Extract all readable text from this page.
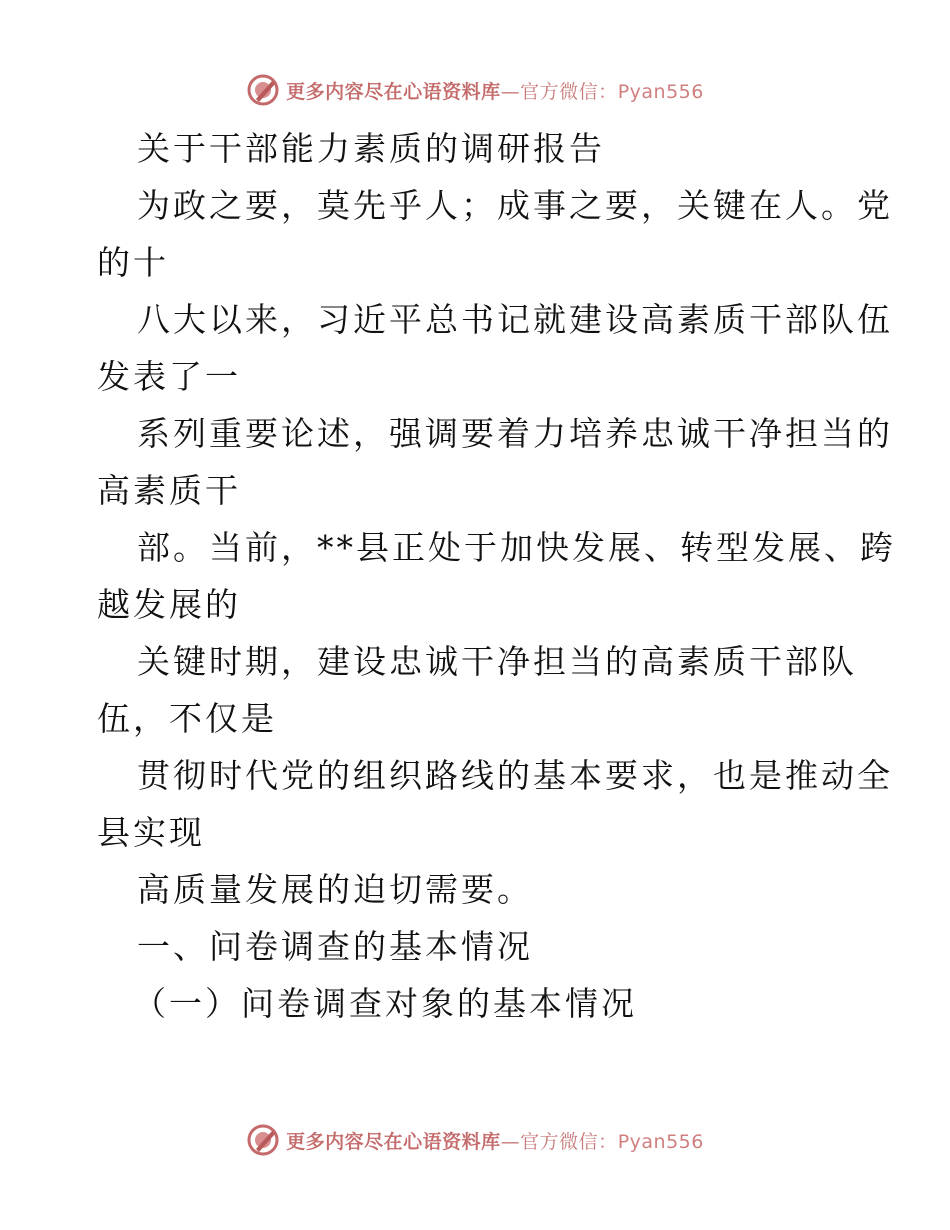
更多内容尽在心语资料库—官方微信：Pyan556
关于干部能力素质的调研报告
为政之要，莫先乎人；成事之要，关键在人。党
的十
八大以来，习近平总书记就建设高素质干部队伍
发表了一
系列重要论述，强调要着力培养忠诚干净担当的
高素质干
部。当前，**县正处于加快发展、转型发展、跨
越发展的
关键时期，建设忠诚干净担当的高素质干部队
伍，不仅是
贯彻时代党的组织路线的基本要求，也是推动全
县实现
高质量发展的迫切需要。
一、问卷调查的基本情况
（一）问卷调查对象的基本情况
更多内容尽在心语资料库—官方微信：Pyan556
